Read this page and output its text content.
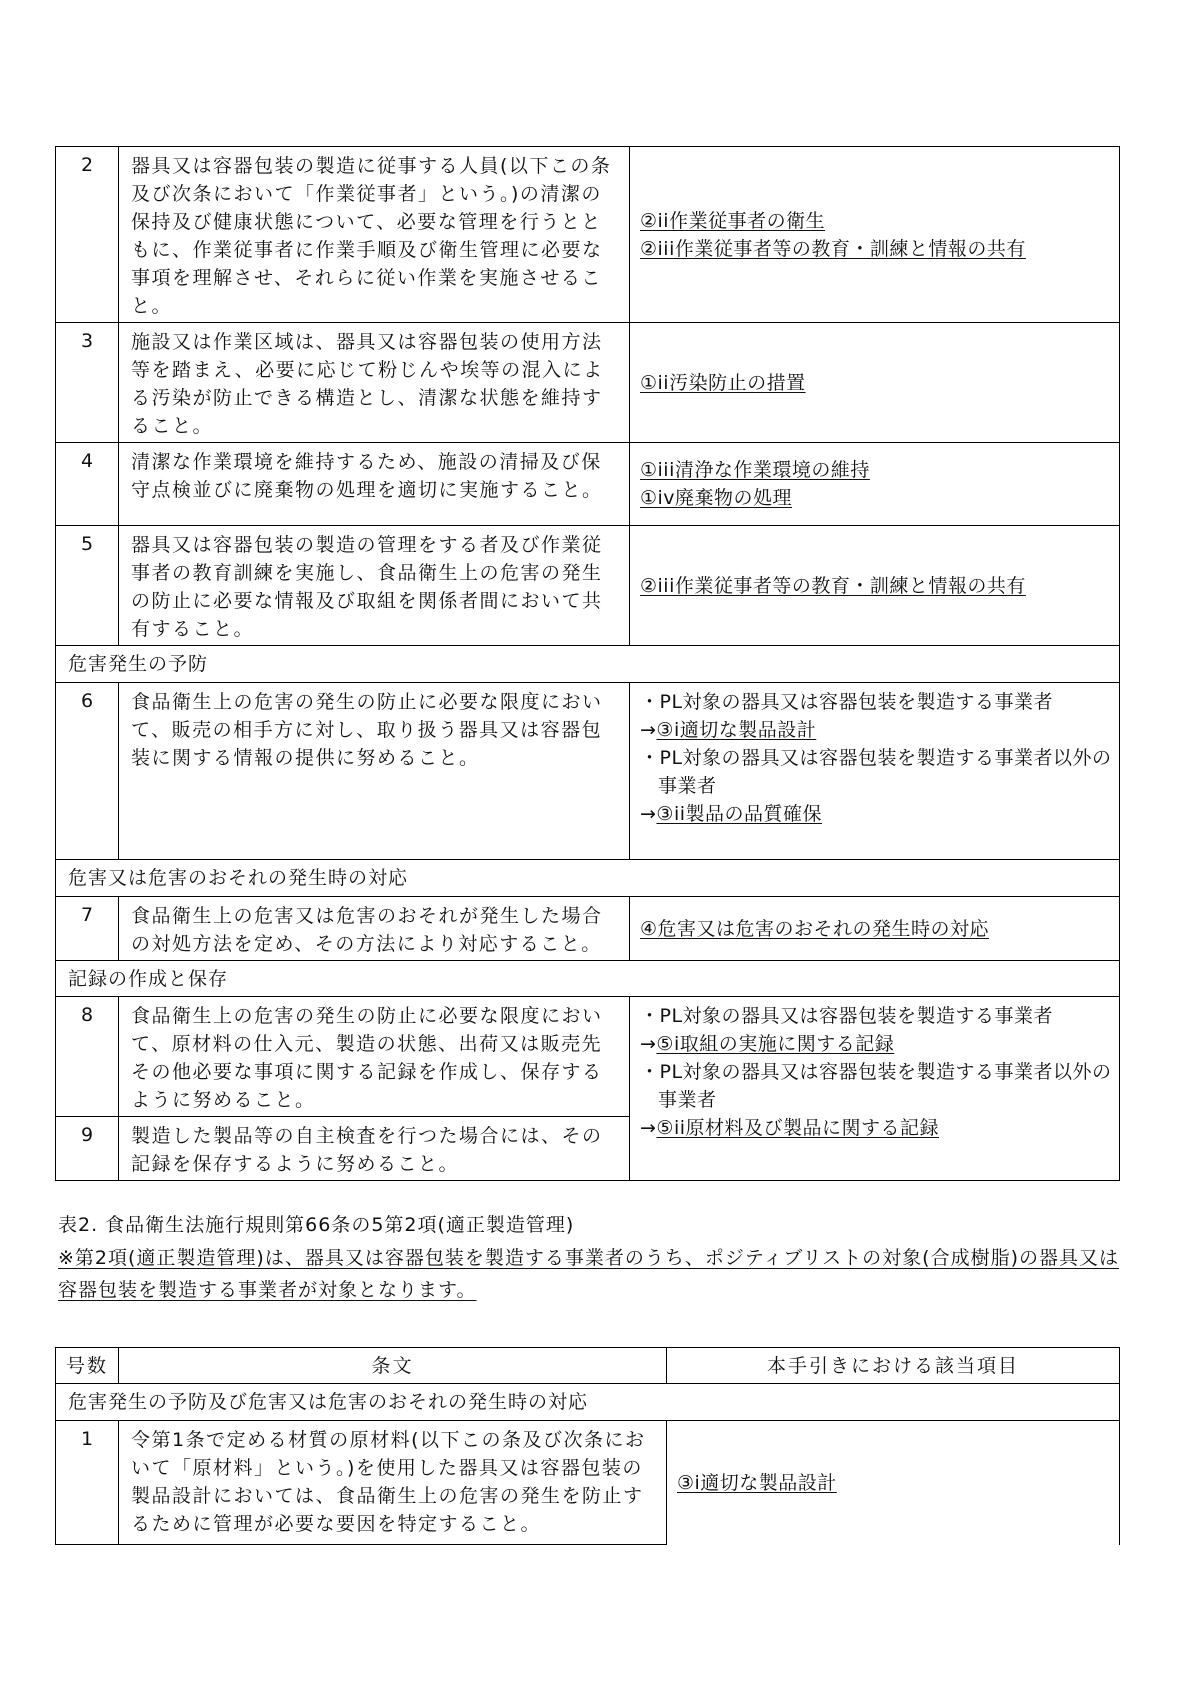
2	器具又は容器包装の製造に従事する人員(以下この条及び次条において「作業従事者」という。)の清潔の保持及び健康状態について、必要な管理を行うとともに、作業従事者に作業手順及び衛生管理に必要な事項を理解させ、それらに従い作業を実施させること。	②ii作業従事者の衛生
②iii作業従事者等の教育・訓練と情報の共有

3	施設又は作業区域は、器具又は容器包装の使用方法等を踏まえ、必要に応じて粉じんや埃等の混入による汚染が防止できる構造とし、清潔な状態を維持すること。	①ii汚染防止の措置

4	清潔な作業環境を維持するため、施設の清掃及び保守点検並びに廃棄物の処理を適切に実施すること。	①iii清浄な作業環境の維持
①iv廃棄物の処理

5	器具又は容器包装の製造の管理をする者及び作業従事者の教育訓練を実施し、食品衛生上の危害の発生の防止に必要な情報及び取組を関係者間において共有すること。	②iii作業従事者等の教育・訓練と情報の共有

危害発生の予防		
6	食品衛生上の危害の発生の防止に必要な限度において、販売の相手方に対し、取り扱う器具又は容器包装に関する情報の提供に努めること。	・PL対象の器具又は容器包装を製造する事業者
→③i適切な製品設計
・PL対象の器具又は容器包装を製造する事業者以外の事業者
→③ii製品の品質確保

危害又は危害のおそれの発生時の対応		
7	食品衛生上の危害又は危害のおそれが発生した場合の対処方法を定め、その方法により対応すること。	④危害又は危害のおそれの発生時の対応

記録の作成と保存		
8	食品衛生上の危害の発生の防止に必要な限度において、原材料の仕入元、製造の状態、出荷又は販売先その他必要な事項に関する記録を作成し、保存するように努めること。	・PL対象の器具又は容器包装を製造する事業者
→⑤i取組の実施に関する記録
・PL対象の器具又は容器包装を製造する事業者以外の事業者
→⑤ii原材料及び製品に関する記録

9	製造した製品等の自主検査を行つた場合には、その記録を保存するように努めること。	
表2. 食品衛生法施行規則第66条の5第2項(適正製造管理)
※第2項(適正製造管理)は、器具又は容器包装を製造する事業者のうち、ポジティブリストの対象(合成樹脂)の器具又は容器包装を製造する事業者が対象となります。
号数	条文	本手引きにおける該当項目
危害発生の予防及び危害又は危害のおそれの発生時の対応		
1	令第1条で定める材質の原材料(以下この条及び次条において「原材料」という。)を使用した器具又は容器包装の製品設計においては、食品衛生上の危害の発生を防止するために管理が必要な要因を特定すること。	③i適切な製品設計
